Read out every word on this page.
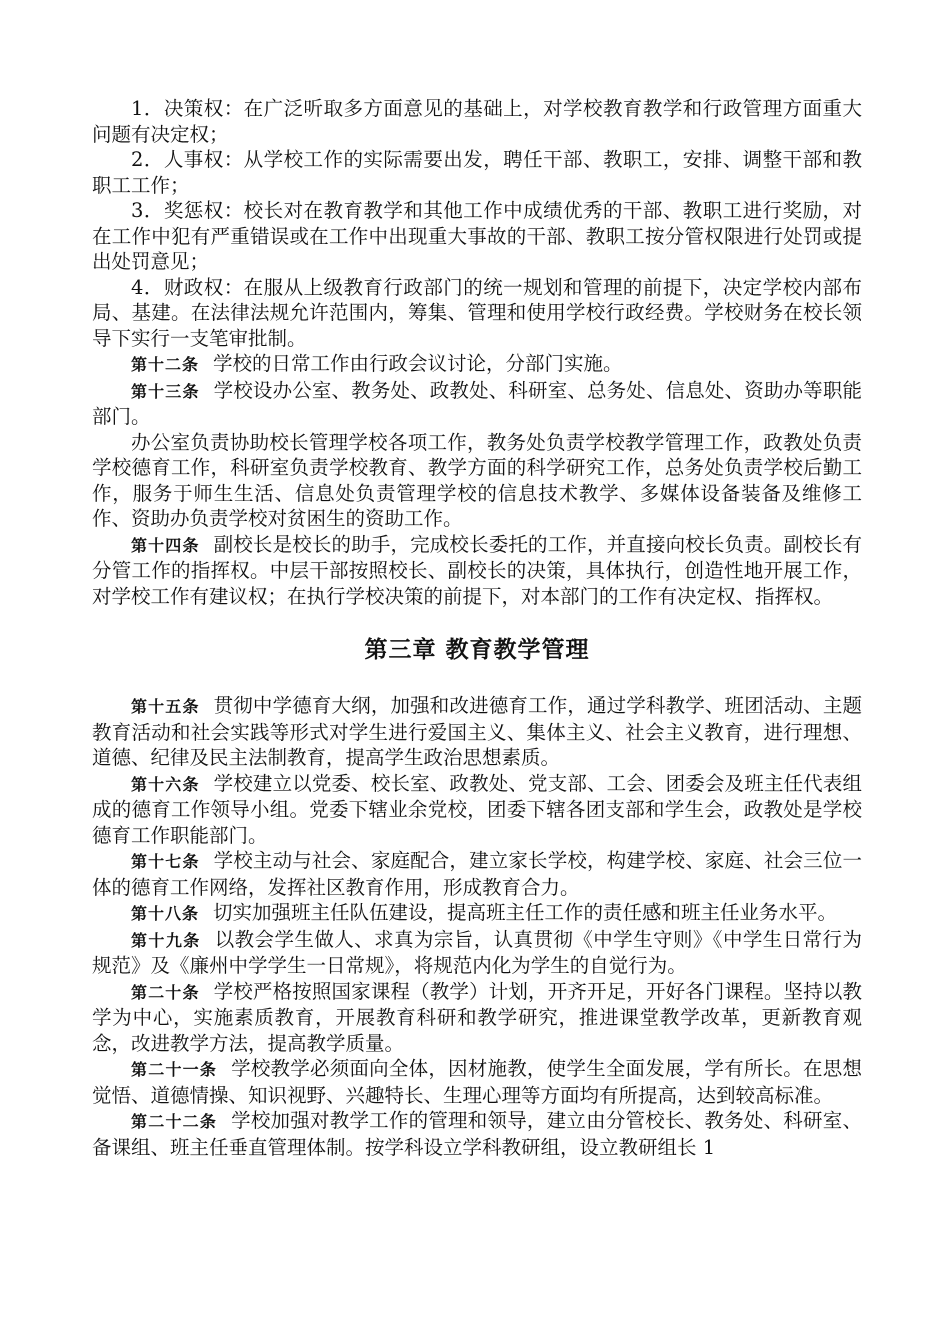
1．决策权：在广泛听取多方面意见的基础上，对学校教育教学和行政管理方面重大问题有决定权；

2．人事权：从学校工作的实际需要出发，聘任干部、教职工，安排、调整干部和教职工工作；

3．奖惩权：校长对在教育教学和其他工作中成绩优秀的干部、教职工进行奖励，对在工作中犯有严重错误或在工作中出现重大事故的干部、教职工按分管权限进行处罚或提出处罚意见；

4．财政权：在服从上级教育行政部门的统一规划和管理的前提下，决定学校内部布局、基建。在法律法规允许范围内，筹集、管理和使用学校行政经费。学校财务在校长领导下实行一支笔审批制。

第十二条 学校的日常工作由行政会议讨论，分部门实施。

第十三条 学校设办公室、教务处、政教处、科研室、总务处、信息处、资助办等职能部门。

办公室负责协助校长管理学校各项工作，教务处负责学校教学管理工作，政教处负责学校德育工作，科研室负责学校教育、教学方面的科学研究工作，总务处负责学校后勤工作，服务于师生生活、信息处负责管理学校的信息技术教学、多媒体设备装备及维修工作、资助办负责学校对贫困生的资助工作。

第十四条 副校长是校长的助手，完成校长委托的工作，并直接向校长负责。副校长有分管工作的指挥权。中层干部按照校长、副校长的决策，具体执行，创造性地开展工作，对学校工作有建议权；在执行学校决策的前提下，对本部门的工作有决定权、指挥权。

第三章 教育教学管理

第十五条 贯彻中学德育大纲，加强和改进德育工作，通过学科教学、班团活动、主题教育活动和社会实践等形式对学生进行爱国主义、集体主义、社会主义教育，进行理想、道德、纪律及民主法制教育，提高学生政治思想素质。

第十六条 学校建立以党委、校长室、政教处、党支部、工会、团委会及班主任代表组成的德育工作领导小组。党委下辖业余党校，团委下辖各团支部和学生会，政教处是学校德育工作职能部门。

第十七条 学校主动与社会、家庭配合，建立家长学校，构建学校、家庭、社会三位一体的德育工作网络，发挥社区教育作用，形成教育合力。

第十八条 切实加强班主任队伍建设，提高班主任工作的责任感和班主任业务水平。

第十九条 以教会学生做人、求真为宗旨，认真贯彻《中学生守则》《中学生日常行为规范》及《廉州中学学生一日常规》，将规范内化为学生的自觉行为。

第二十条 学校严格按照国家课程（教学）计划，开齐开足，开好各门课程。坚持以教学为中心，实施素质教育，开展教育科研和教学研究，推进课堂教学改革，更新教育观念，改进教学方法，提高教学质量。

第二十一条 学校教学必须面向全体，因材施教，使学生全面发展，学有所长。在思想觉悟、道德情操、知识视野、兴趣特长、生理心理等方面均有所提高，达到较高标准。

第二十二条 学校加强对教学工作的管理和领导，建立由分管校长、教务处、科研室、备课组、班主任垂直管理体制。按学科设立学科教研组，设立教研组长 1
